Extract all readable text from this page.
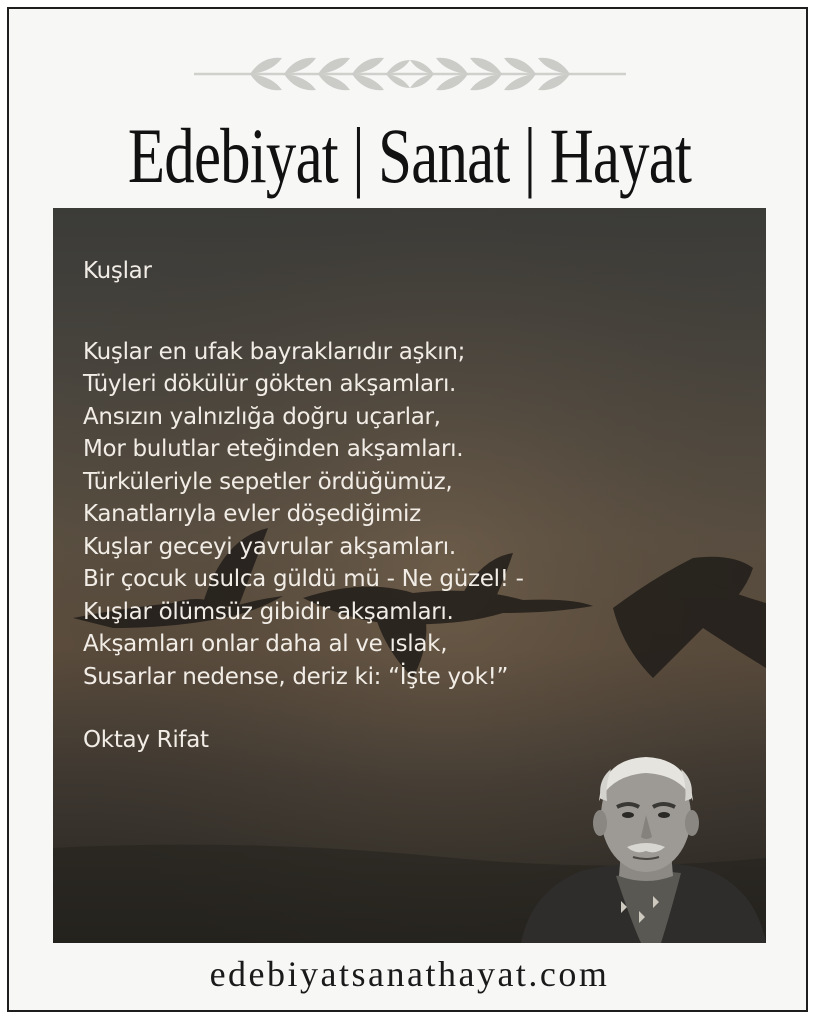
Edebiyat | Sanat | Hayat
Kuşlar
Kuşlar en ufak bayraklarıdır aşkın;
Tüyleri dökülür gökten akşamları.
Ansızın yalnızlığa doğru uçarlar,
Mor bulutlar eteğinden akşamları.
Türküleriyle sepetler ördüğümüz,
Kanatlarıyla evler döşediğimiz
Kuşlar geceyi yavrular akşamları.
Bir çocuk usulca güldü mü - Ne güzel! -
Kuşlar ölümsüz gibidir akşamları.
Akşamları onlar daha al ve ıslak,
Susarlar nedense, deriz ki: “İşte yok!”
Oktay Rifat
edebiyatsanathayat.com
